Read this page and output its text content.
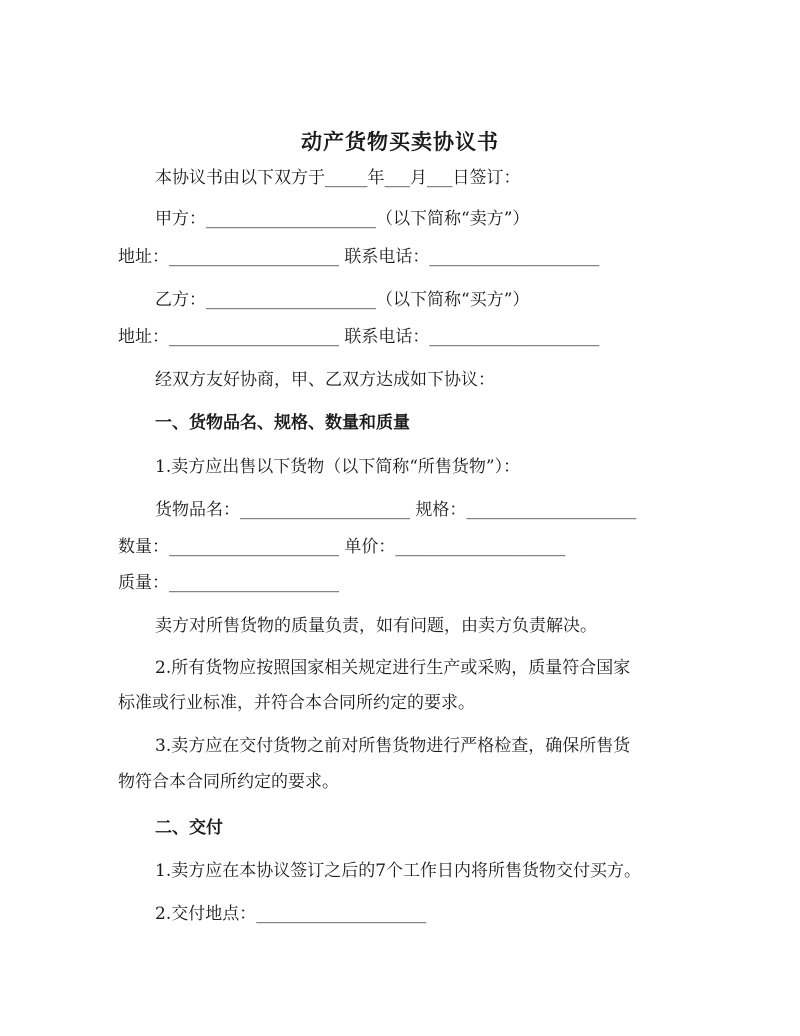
动产货物买卖协议书
本协议书由以下双方于_____年___月___日签订：
甲方：____________________（以下简称“卖方”）
地址：____________________ 联系电话：____________________
乙方：____________________（以下简称“买方”）
地址：____________________ 联系电话：____________________
经双方友好协商，甲、乙双方达成如下协议：
一、货物品名、规格、数量和质量
1.卖方应出售以下货物（以下简称“所售货物”）：
货物品名：____________________ 规格：____________________
数量：____________________ 单价：____________________
质量：____________________
卖方对所售货物的质量负责，如有问题，由卖方负责解决。
2.所有货物应按照国家相关规定进行生产或采购，质量符合国家
标准或行业标准，并符合本合同所约定的要求。
3.卖方应在交付货物之前对所售货物进行严格检查，确保所售货
物符合本合同所约定的要求。
二、交付
1.卖方应在本协议签订之后的7个工作日内将所售货物交付买方。
2.交付地点：____________________
